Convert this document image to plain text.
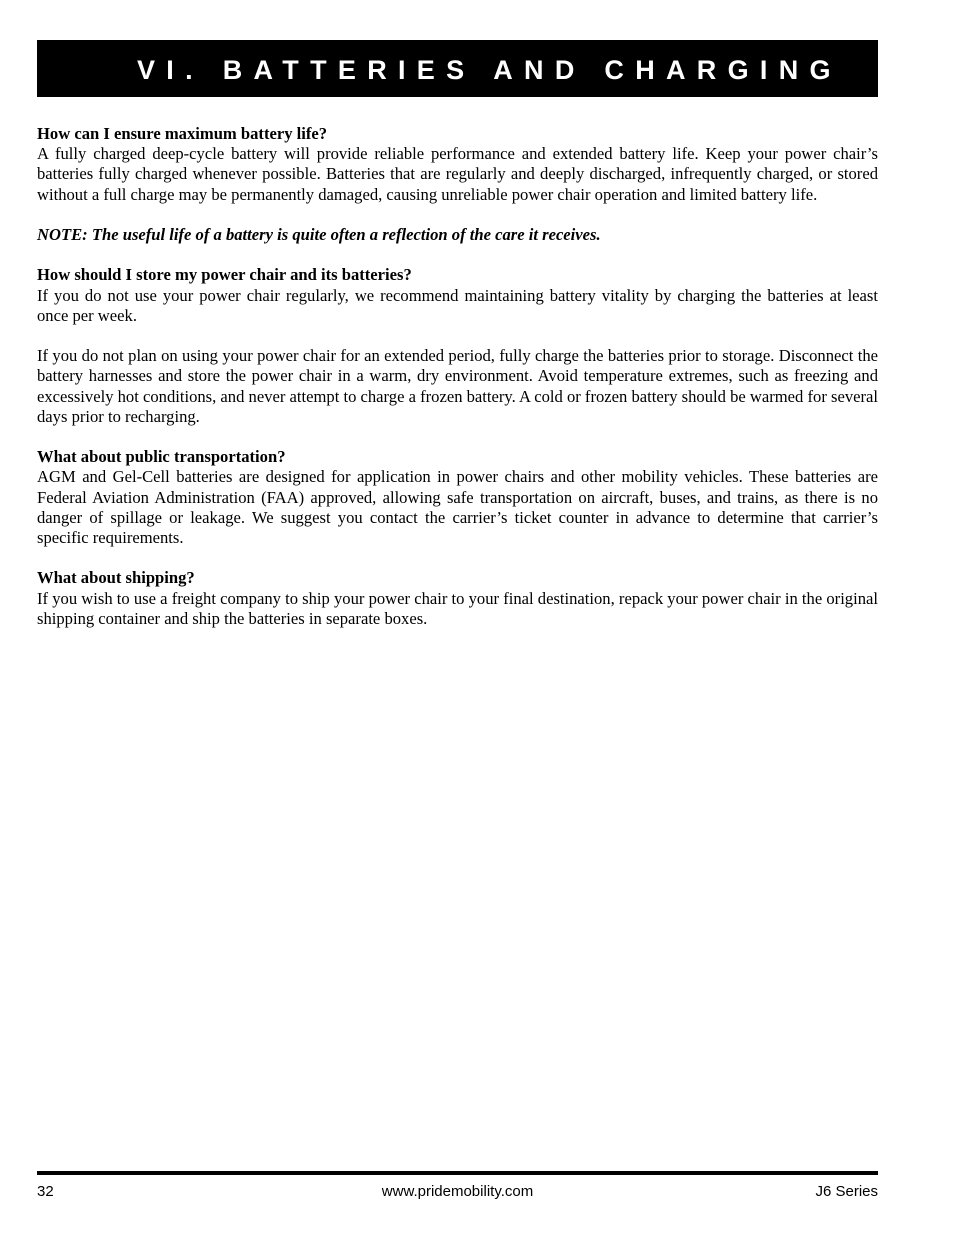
VI. BATTERIES AND CHARGING
How can I ensure maximum battery life?

A fully charged deep-cycle battery will provide reliable performance and extended battery life. Keep your power chair’s batteries fully charged whenever possible. Batteries that are regularly and deeply discharged, infrequently charged, or stored without a full charge may be permanently damaged, causing unreliable power chair operation and limited battery life.

NOTE: The useful life of a battery is quite often a reflection of the care it receives.
How should I store my power chair and its batteries?

If you do not use your power chair regularly, we recommend maintaining battery vitality by charging the batteries at least once per week.

If you do not plan on using your power chair for an extended period, fully charge the batteries prior to storage. Disconnect the battery harnesses and store the power chair in a warm, dry environment. Avoid temperature extremes, such as freezing and excessively hot conditions, and never attempt to charge a frozen battery. A cold or frozen battery should be warmed for several days prior to recharging.

What about public transportation?

AGM and Gel-Cell batteries are designed for application in power chairs and other mobility vehicles. These batteries are Federal Aviation Administration (FAA) approved, allowing safe transportation on aircraft, buses, and trains, as there is no danger of spillage or leakage. We suggest you contact the carrier’s ticket counter in advance to determine that carrier’s specific requirements.

What about shipping?

If you wish to use a freight company to ship your power chair to your final destination, repack your power chair in the original shipping container and ship the batteries in separate boxes.

32	www.pridemobility.com	J6 Series
